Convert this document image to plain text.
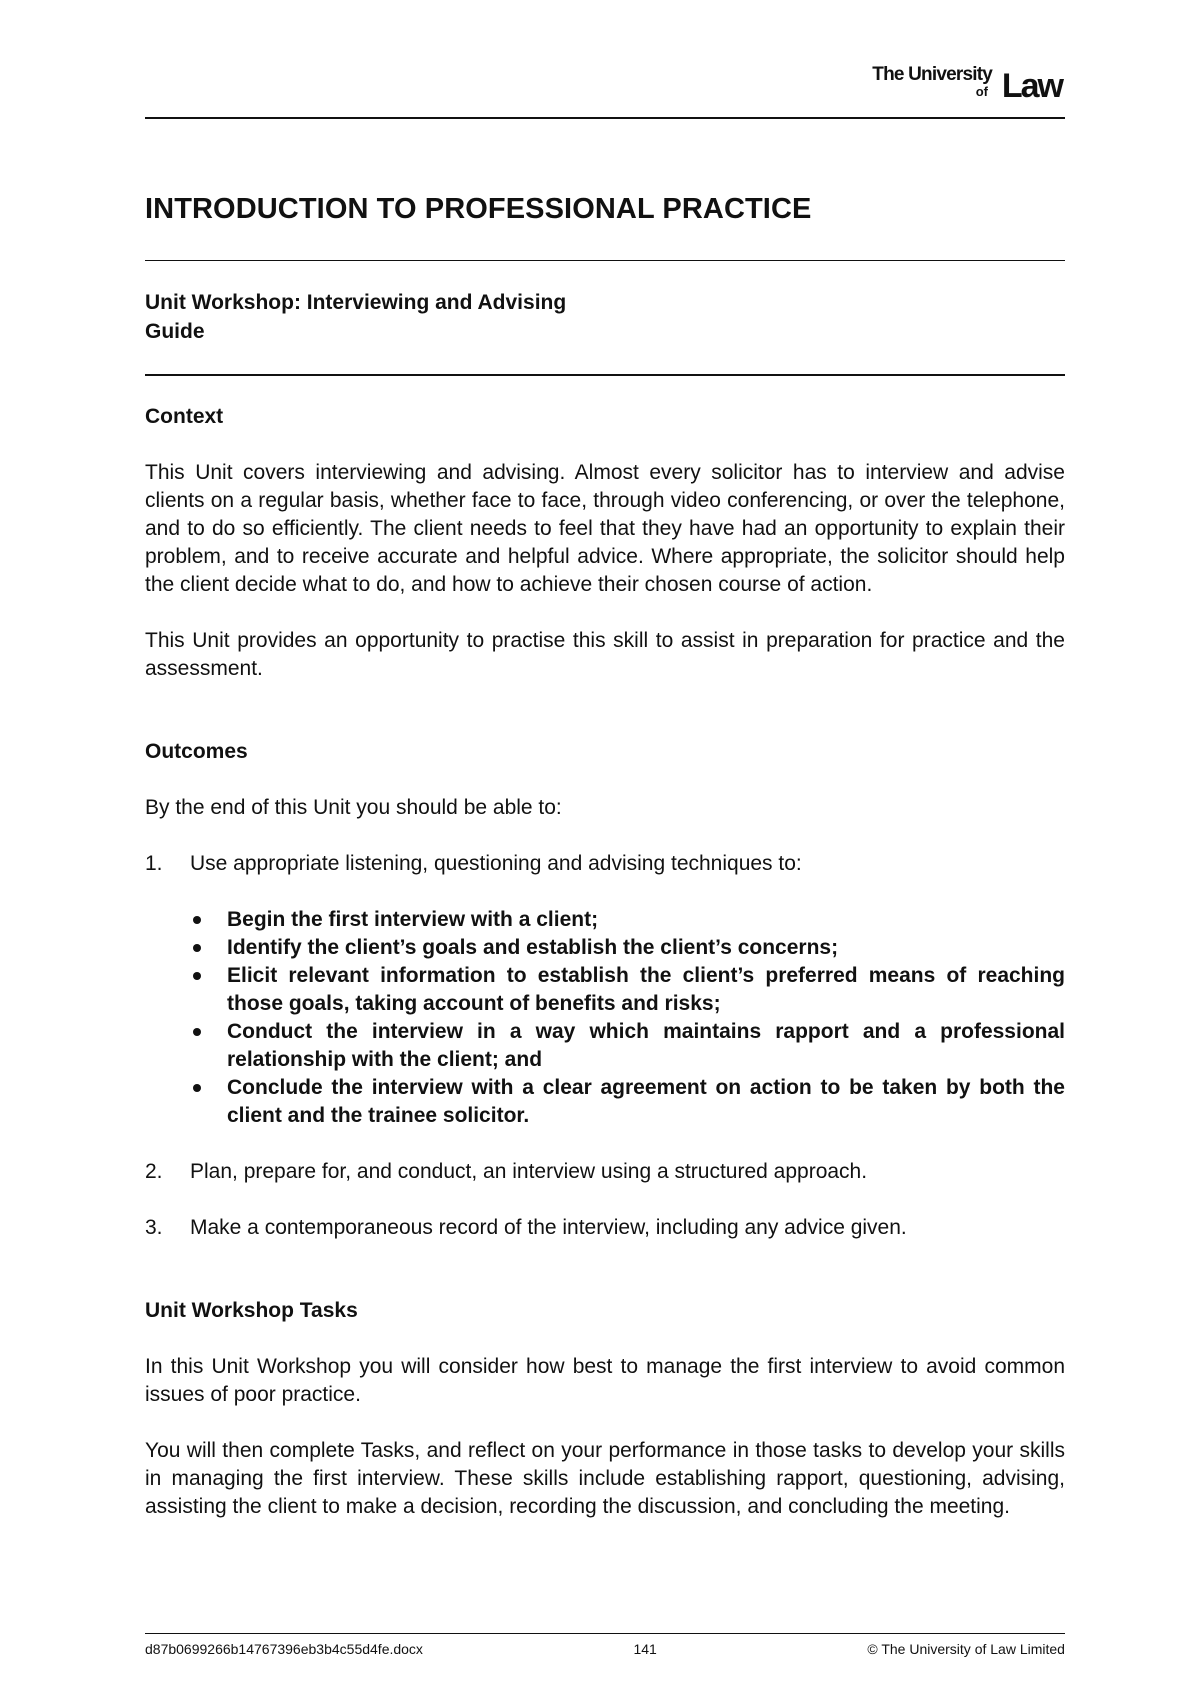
The University
of Law
INTRODUCTION TO PROFESSIONAL PRACTICE
Unit Workshop: Interviewing and Advising
Guide
Context

This Unit covers interviewing and advising. Almost every solicitor has to interview and advise clients on a regular basis, whether face to face, through video conferencing, or over the telephone, and to do so efficiently. The client needs to feel that they have had an opportunity to explain their problem, and to receive accurate and helpful advice. Where appropriate, the solicitor should help the client decide what to do, and how to achieve their chosen course of action.

This Unit provides an opportunity to practise this skill to assist in preparation for practice and the assessment.

Outcomes

By the end of this Unit you should be able to:

1.	Use appropriate listening, questioning and advising techniques to:
Begin the first interview with a client;
Identify the client’s goals and establish the client’s concerns;
Elicit relevant information to establish the client’s preferred means of reaching those goals, taking account of benefits and risks;
Conduct the interview in a way which maintains rapport and a professional relationship with the client; and
Conclude the interview with a clear agreement on action to be taken by both the client and the trainee solicitor.
2.	Plan, prepare for, and conduct, an interview using a structured approach.
3.	Make a contemporaneous record of the interview, including any advice given.
Unit Workshop Tasks

In this Unit Workshop you will consider how best to manage the first interview to avoid common issues of poor practice.

You will then complete Tasks, and reflect on your performance in those tasks to develop your skills in managing the first interview. These skills include establishing rapport, questioning, advising, assisting the client to make a decision, recording the discussion, and concluding the meeting.

d87b0699266b14767396eb3b4c55d4fe.docx	141	© The University of Law Limited
